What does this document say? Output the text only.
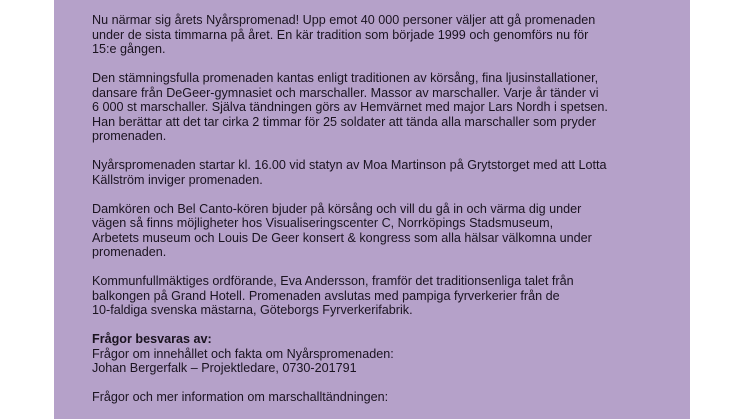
Nu närmar sig årets Nyårspromenad! Upp emot 40 000 personer väljer att gå promenaden
under de sista timmarna på året. En kär tradition som började 1999 och genomförs nu för
15:e gången.

Den stämningsfulla promenaden kantas enligt traditionen av körsång, fina ljusinstallationer,
dansare från DeGeer-gymnasiet och marschaller. Massor av marschaller. Varje år tänder vi
6 000 st marschaller. Själva tändningen görs av Hemvärnet med major Lars Nordh i spetsen.
Han berättar att det tar cirka 2 timmar för 25 soldater att tända alla marschaller som pryder
promenaden.

Nyårspromenaden startar kl. 16.00 vid statyn av Moa Martinson på Grytstorget med att Lotta
Källström inviger promenaden.

Damkören och Bel Canto-kören bjuder på körsång och vill du gå in och värma dig under
vägen så finns möjligheter hos Visualiseringscenter C, Norrköpings Stadsmuseum,
Arbetets museum och Louis De Geer konsert & kongress som alla hälsar välkomna under
promenaden.

Kommunfullmäktiges ordförande, Eva Andersson, framför det traditionsenliga talet från
balkongen på Grand Hotell. Promenaden avslutas med pampiga fyrverkerier från de
10-faldiga svenska mästarna, Göteborgs Fyrverkerifabrik.

Frågor besvaras av:
Frågor om innehållet och fakta om Nyårspromenaden:
Johan Bergerfalk – Projektledare, 0730-201791

Frågor och mer information om marschalltändningen:
